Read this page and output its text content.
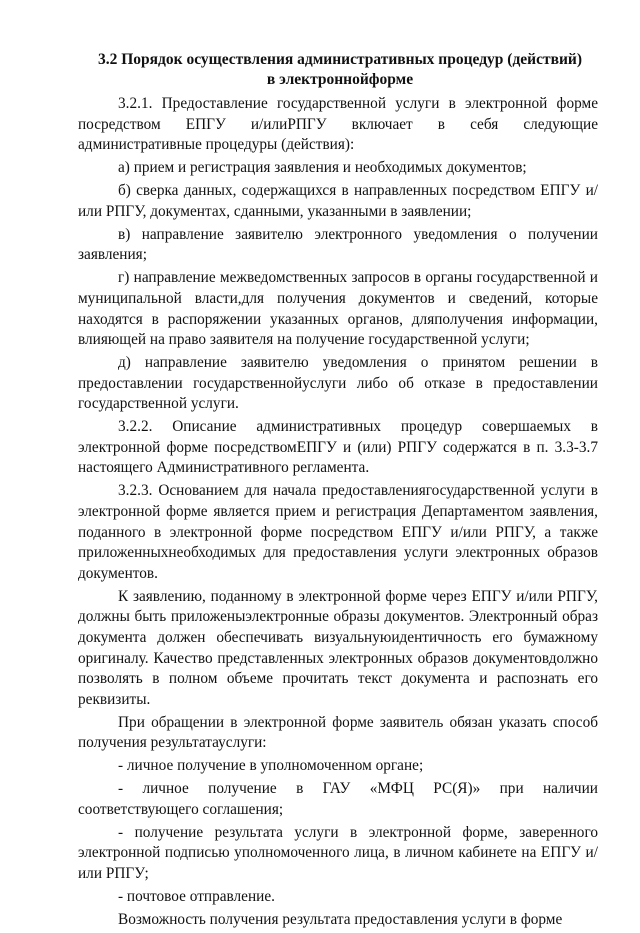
3.2 Порядок осуществления административных процедур (действий)
в электроннойформе

3.2.1. Предоставление государственной услуги в электронной форме посредством ЕПГУ и/илиРПГУ включает в себя следующие административные процедуры (действия):

а) прием и регистрация заявления и необходимых документов;

б) сверка данных, содержащихся в направленных посредством ЕПГУ и/или РПГУ, документах, сданными, указанными в заявлении;

в) направление заявителю электронного уведомления о получении заявления;

г) направление межведомственных запросов в органы государственной и муниципальной власти,для получения документов и сведений, которые находятся в распоряжении указанных органов, дляполучения информации, влияющей на право заявителя на получение государственной услуги;

д) направление заявителю уведомления о принятом решении в предоставлении государственнойуслуги либо об отказе в предоставлении государственной услуги.

3.2.2. Описание административных процедур совершаемых в электронной форме посредствомЕПГУ и (или) РПГУ содержатся в п. 3.3-3.7 настоящего Административного регламента.

3.2.3. Основанием для начала предоставлениягосударственной услуги в электронной форме является прием и регистрация Департаментом заявления, поданного в электронной форме посредством ЕПГУ и/или РПГУ, а также приложенныхнеобходимых для предоставления услуги электронных образов документов.

К заявлению, поданному в электронной форме через ЕПГУ и/или РПГУ, должны быть приложеныэлектронные образы документов. Электронный образ документа должен обеспечивать визуальнуюидентичность его бумажному оригиналу. Качество представленных электронных образов документовдолжно позволять в полном объеме прочитать текст документа и распознать его реквизиты.

При обращении в электронной форме заявитель обязан указать способ получения результатауслуги:

- личное получение в уполномоченном органе;

- личное получение в ГАУ «МФЦ РС(Я)» при наличии соответствующего соглашения;

- получение результата услуги в электронной форме, заверенного электронной подписью уполномоченного лица, в личном кабинете на ЕПГУ и/или РПГУ;

- почтовое отправление.

Возможность получения результата предоставления услуги в форме
